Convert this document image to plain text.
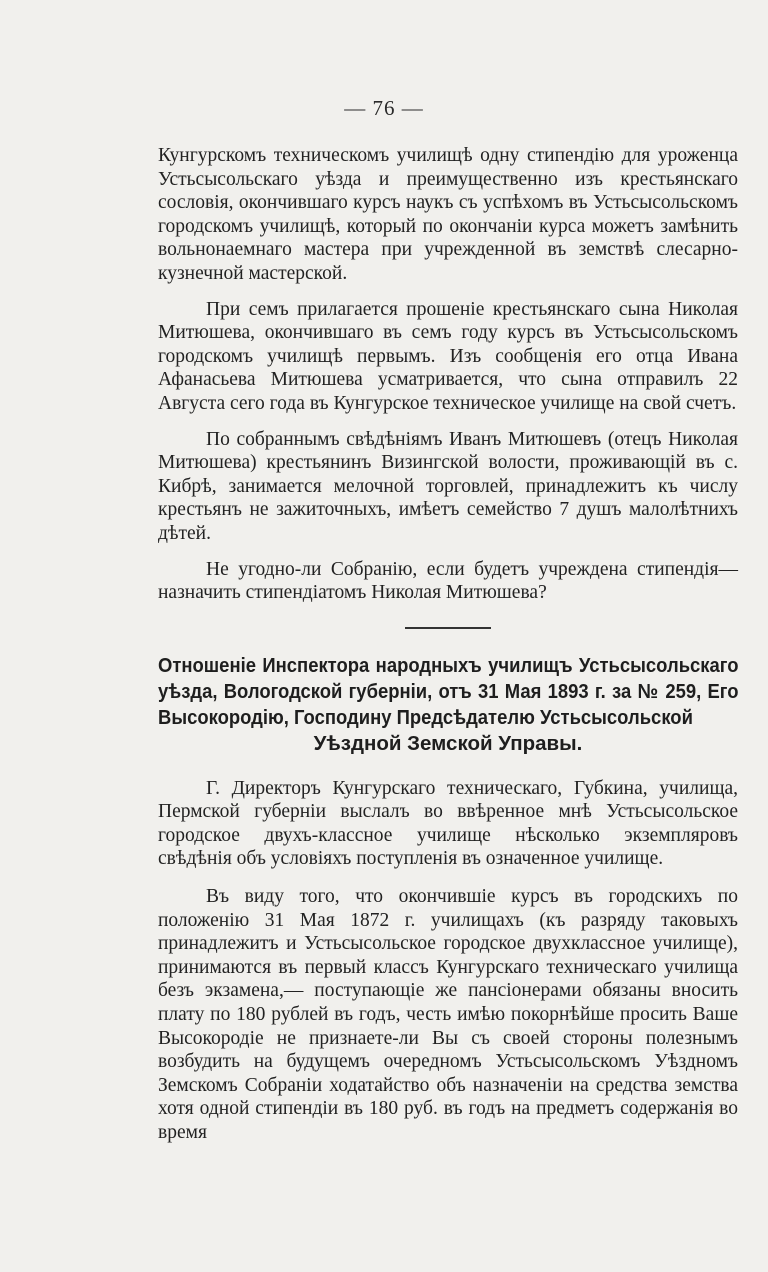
— 76 —

Кунгурскомъ техническомъ училищѣ одну стипендію для уроженца Устьсысольскаго уѣзда и преимущественно изъ крестьянскаго сословія, окончившаго курсъ наукъ съ успѣхомъ въ Устьсысольскомъ городскомъ училищѣ, который по окончаніи курса можетъ замѣнить вольнонаемнаго мастера при учрежденной въ земствѣ слесарно-кузнечной мастерской.

При семъ прилагается прошеніе крестьянскаго сына Николая Митюшева, окончившаго въ семъ году курсъ въ Устьсысольскомъ городскомъ училищѣ первымъ. Изъ сообщенія его отца Ивана Афанасьева Митюшева усматривается, что сына отправилъ 22 Августа сего года въ Кунгурское техническое училище на свой счетъ.

По собраннымъ свѣдѣніямъ Иванъ Митюшевъ (отецъ Николая Митюшева) крестьянинъ Визингской волости, проживающій въ с. Кибрѣ, занимается мелочной торговлей, принадлежитъ къ числу крестьянъ не зажиточныхъ, имѣетъ семейство 7 душъ малолѣтнихъ дѣтей.

Не угодно-ли Собранію, если будетъ учреждена стипендія—назначить стипендіатомъ Николая Митюшева?

Отношеніе Инспектора народныхъ училищъ Устьсысольскаго уѣзда, Вологодской губерніи, отъ 31 Мая 1893 г. за № 259, Его Высокородію, Господину Предсѣдателю Устьсысольской
Уѣздной Земской Управы.

Г. Директоръ Кунгурскаго техническаго, Губкина, училища, Пермской губерніи выслалъ во ввѣренное мнѣ Устьсысольское городское двухъ-классное училище нѣсколько экземпляровъ свѣдѣнія объ условіяхъ поступленія въ означенное училище.

Въ виду того, что окончившіе курсъ въ городскихъ по положенію 31 Мая 1872 г. училищахъ (къ разряду таковыхъ принадлежитъ и Устьсысольское городское двухклассное училище), принимаются въ первый классъ Кунгурскаго техническаго училища безъ экзамена,— поступающіе же пансіонерами обязаны вносить плату по 180 рублей въ годъ, честь имѣю покорнѣйше просить Ваше Высокородіе не признаете-ли Вы съ своей стороны полезнымъ возбудить на будущемъ очередномъ Устьсысольскомъ Уѣздномъ Земскомъ Собраніи ходатайство объ назначеніи на средства земства хотя одной стипендіи въ 180 руб. въ годъ на предметъ содержанія во время
